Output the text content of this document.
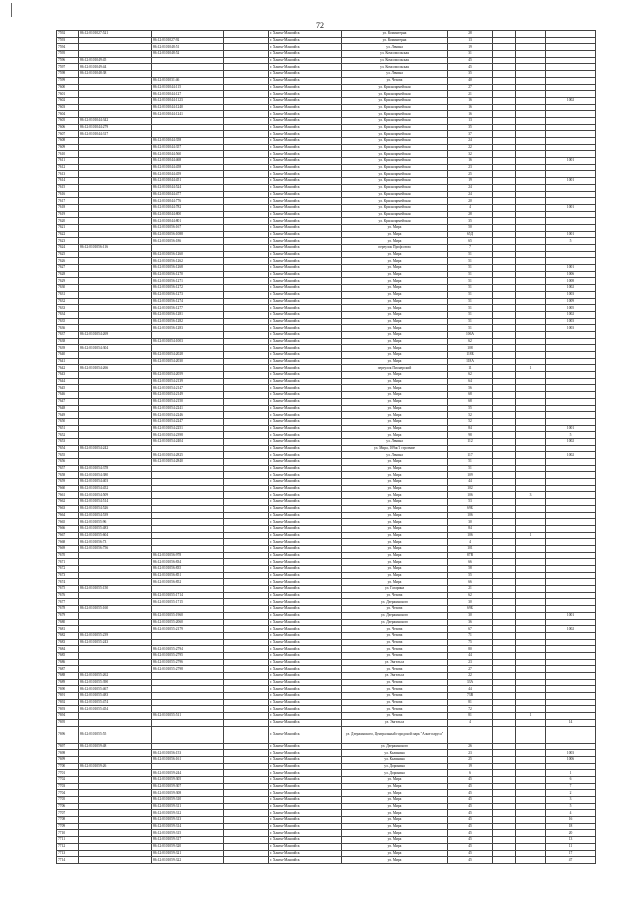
72
7592	86:12:0101027:521			г. Ханты-Мансийск	ул. Коминтерна	28			
7593		86:12:0101027:92		г. Ханты-Мансийск	ул. Коминтерна	13			
7594		86:12:0101048:51		г. Ханты-Мансийск	ул. Ленина	19			
7595		86:12:0101048:52		г. Ханты-Мансийск	ул. Комсомольская	31			
7596	86:12:0101049:45			г. Ханты-Мансийск	ул. Комсомольская	45			
7597	86:12:0101049:44			г. Ханты-Мансийск	ул. Комсомольская	45			
7598	86:12:0101048:38			г. Ханты-Мансийск	ул. Ленина	35			
7599		86:12:0101031:46		г. Ханты-Мансийск	ул. Чехова	40			
7600		86:12:0101044:115		г. Ханты-Мансийск	ул. Красноармейская	27			
7601		86:12:0101044:127		г. Ханты-Мансийск	ул. Красноармейская	21			
7602		86:12:0101044:1123		г. Ханты-Мансийск	ул. Красноармейская	16			1002
7603		86:12:0101044:1240		г. Ханты-Мансийск	ул. Красноармейская	16			
7604		86:12:0101044:1241		г. Ханты-Мансийск	ул. Красноармейская	16			
7605	86:12:0101044:342			г. Ханты-Мансийск	ул. Красноармейская	13			
7606	86:12:0101044:279			г. Ханты-Мансийск	ул. Красноармейская	35			
7607	86:12:0101044:317			г. Ханты-Мансийск	ул. Красноармейская	37			
7608		86:12:0101044:358		г. Ханты-Мансийск	ул. Красноармейская	24			
7609		86:12:0101044:357		г. Ханты-Мансийск	ул. Красноармейская	22			
7610		86:12:0101044:560		г. Ханты-Мансийск	ул. Красноармейская	32			
7611		86:12:0101044:468		г. Ханты-Мансийск	ул. Красноармейская	16			1001
7612		86:12:0101044:458		г. Ханты-Мансийск	ул. Красноармейская	23			
7613		86:12:0101044:459		г. Ханты-Мансийск	ул. Красноармейская	25			
7614		86:12:0101044:451		г. Ханты-Мансийск	ул. Красноармейская	19			1001
7615		86:12:0101044:524		г. Ханты-Мансийск	ул. Красноармейская	24			
7616		86:12:0101044:477		г. Ханты-Мансийск	ул. Красноармейская	24			
7617		86:12:0101044:776		г. Ханты-Мансийск	ул. Красноармейская	20			
7618		86:12:0101044:782		г. Ханты-Мансийск	ул. Красноармейская	4			1001
7619		86:12:0101044:800		г. Ханты-Мансийск	ул. Красноармейская	28			
7620		86:12:0101044:801		г. Ханты-Мансийск	ул. Красноармейская	35			
7621		86:12:0101056:167		г. Ханты-Мансийск	ул. Мира	50			
7622		86:12:0101056:1088		г. Ханты-Мансийск	ул. Мира	65Д			1001
7623		86:12:0101056:186		г. Ханты-Мансийск	ул. Мира	65			5
7624	86:12:0101056:116			г. Ханты-Мансийск	переулок Профсоюза	7			
7625		86:12:0101056:1260		г. Ханты-Мансийск	ул. Мира	51			
7626		86:12:0101056:1262		г. Ханты-Мансийск	ул. Мира	51			
7627		86:12:0101056:1268		г. Ханты-Мансийск	ул. Мира	51			1001
7628		86:12:0101056:1270		г. Ханты-Мансийск	ул. Мира	51			1006
7629		86:12:0101056:1271		г. Ханты-Мансийск	ул. Мира	51			1008
7630		86:12:0101056:1272		г. Ханты-Мансийск	ул. Мира	51			1002
7631		86:12:0101056:1273		г. Ханты-Мансийск	ул. Мира	51			1003
7632		86:12:0101056:1274		г. Ханты-Мансийск	ул. Мира	51			1009
7633		86:12:0101056:1277		г. Ханты-Мансийск	ул. Мира	51			1005
7634		86:12:0101056:1281		г. Ханты-Мансийск	ул. Мира	51			1002
7635		86:12:0101056:1282		г. Ханты-Мансийск	ул. Мира	51			1003
7636		86:12:0101056:1283		г. Ханты-Мансийск	ул. Мира	51			1003
7637	86:12:0101054:269			г. Ханты-Мансийск	ул. Мира	106А			
7638		86:12:0101054:1003		г. Ханты-Мансийск	ул. Мира	62			
7639	86:12:0101054:304			г. Ханты-Мансийск	ул. Мира	108			
7640		86:12:0101054:2028		г. Ханты-Мансийск	ул. Мира	118Б			
7641		86:12:0101054:2030		г. Ханты-Мансийск	ул. Мира	118А			
7642	86:12:0101054:266			г. Ханты-Мансийск	переулок Пионерский	11		1	
7643		86:12:0101054:2059		г. Ханты-Мансийск	ул. Мира	62			
7644		86:12:0101054:2139		г. Ханты-Мансийск	ул. Мира	64			
7645		86:12:0101054:2147		г. Ханты-Мансийск	ул. Мира	56			
7646		86:12:0101054:2149		г. Ханты-Мансийск	ул. Мира	68			
7647		86:12:0101054:2150		г. Ханты-Мансийск	ул. Мира	68			
7648		86:12:0101054:2241		г. Ханты-Мансийск	ул. Мира	55			
7649		86:12:0101054:2246		г. Ханты-Мансийск	ул. Мира	52			
7650		86:12:0101054:2247		г. Ханты-Мансийск	ул. Мира	52			
7651		86:12:0101054:2251		г. Ханты-Мансийск	ул. Мира	84			1001
7652		86:12:0101054:2398		г. Ханты-Мансийск	ул. Мира	98			5
7653		86:12:0101054:2404		г. Ханты-Мансийск	ул. Ленина	112			1002
7654	86:12:0101054:242			г. Ханты-Мансийск	ул. Мира, 109ж/1 строение				
7655		86:12:0101054:2825		г. Ханты-Мансийск	ул. Ленина	117			1002
7656		86:12:0101054:2840		г. Ханты-Мансийск	ул. Мира	51			
7657	86:12:0101054:378			г. Ханты-Мансийск	ул. Мира	51			
7658	86:12:0101054:380			г. Ханты-Мансийск	ул. Мира	109			
7659	86:12:0101054:403			г. Ханты-Мансийск	ул. Мира	44			
7660	86:12:0101054:452			г. Ханты-Мансийск	ул. Мира	102			
7661	86:12:0101054:509			г. Ханты-Мансийск	ул. Мира	106		3	
7662	86:12:0101054:514			г. Ханты-Мансийск	ул. Мира	53			
7663	86:12:0101054:526			г. Ханты-Мансийск	ул. Мира	69Б			
7664	86:12:0101054:539			г. Ханты-Мансийск	ул. Мира	106			
7665	86:12:0101055:96			г. Ханты-Мансийск	ул. Мира	30			
7666	86:12:0101055:483			г. Ханты-Мансийск	ул. Мира	84			
7667	86:12:0101055:604			г. Ханты-Мансийск	ул. Мира	106		1	
7668	86:12:0101056:73			г. Ханты-Мансийск	ул. Мира	4			
7669	86:12:0101056:756			г. Ханты-Мансийск	ул. Мира	101			
7670		86:12:0101056:978		г. Ханты-Мансийск	ул. Мира	87В			
7671		86:12:0101056:834		г. Ханты-Мансийск	ул. Мира	66			
7672		86:12:0101056:835		г. Ханты-Мансийск	ул. Мира	58			
7673		86:12:0101056:851		г. Ханты-Мансийск	ул. Мира	55			
7674		86:12:0101056:852		г. Ханты-Мансийск	ул. Мира	66			
7675	86:12:0101055:150			г. Ханты-Мансийск	ул. Гагарина	21			
7676		86:12:0101055:1714		г. Ханты-Мансийск	ул. Чехова	62			
7677		86:12:0101055:1715		г. Ханты-Мансийск	ул. Дзержинского	30			
7678	86:12:0101055:160			г. Ханты-Мансийск	ул. Чехова	69Б			
7679		86:12:0101055:1960		г. Ханты-Мансийск	ул. Дзержинского	30			1001
7680		86:12:0101055:2060		г. Ханты-Мансийск	ул. Дзержинского	36			
7681		86:12:0101055:2179		г. Ханты-Мансийск	ул. Чехова	67			1002
7682	86:12:0101055:239			г. Ханты-Мансийск	ул. Чехова	71			
7683	86:12:0101055:243			г. Ханты-Мансийск	ул. Чехова	75			
7684		86:12:0101055:2794		г. Ханты-Мансийск	ул. Чехова	80			
7685		86:12:0101055:2795		г. Ханты-Мансийск	ул. Чехова	44			
7686		86:12:0101055:2796		г. Ханты-Мансийск	ул. Энгельса	23			
7687		86:12:0101055:2798		г. Ханты-Мансийск	ул. Чехова	27			
7688	86:12:0101055:262			г. Ханты-Мансийск	ул. Энгельса	22			
7689	86:12:0101055:390			г. Ханты-Мансийск	ул. Чехова	33А			
7690	86:12:0101055:467			г. Ханты-Мансийск	ул. Чехова	44			
7691	86:12:0101055:483			г. Ханты-Мансийск	ул. Чехова	73В			
7692	86:12:0101055:474			г. Ханты-Мансийск	ул. Чехова	81			
7693	86:12:0101055:454			г. Ханты-Мансийск	ул. Чехова	72			
7694		86:12:0101055:511		г. Ханты-Мансийск	ул. Чехова	81		1	
7695				г. Ханты-Мансийск	ул. Энгельса	4			14
7696	86:12:0101055:55			г. Ханты-Мансийск	ул. Дзержинского, Центральный городской парк "Алые паруса"				
7697	86:12:0101059:48			г. Ханты-Мансийск	ул. Дзержинского	26			
7698		86:12:0101056:153		г. Ханты-Мансийск	ул. Калинина	23			1003
7699		86:12:0101056:161		г. Ханты-Мансийск	ул. Калинина	25			1006
7700	86:12:0101059:26			г. Ханты-Мансийск	ул. Доронина	19			
7701		86:12:0101059:244		г. Ханты-Мансийск	ул. Доронина	6			1
7702		86:12:0101059:305		г. Ханты-Мансийск	ул. Мира	45			6
7703		86:12:0101059:307		г. Ханты-Мансийск	ул. Мира	45			7
7704		86:12:0101059:308		г. Ханты-Мансийск	ул. Мира	45			2
7705		86:12:0101059:310		г. Ханты-Мансийск	ул. Мира	45			3
7706		86:12:0101059:311		г. Ханты-Мансийск	ул. Мира	45			5
7707		86:12:0101059:312		г. Ханты-Мансийск	ул. Мира	45			4
7708		86:12:0101059:313		г. Ханты-Мансийск	ул. Мира	45			16
7709		86:12:0101059:314		г. Ханты-Мансийск	ул. Мира	45			18
7710		86:12:0101059:315		г. Ханты-Мансийск	ул. Мира	45			20
7711		86:12:0101059:317		г. Ханты-Мансийск	ул. Мира	45			13
7712		86:12:0101059:320		г. Ханты-Мансийск	ул. Мира	45			11
7713		86:12:0101059:321		г. Ханты-Мансийск	ул. Мира	45			17
7714		86:12:0101059:322		г. Ханты-Мансийск	ул. Мира	45			47
